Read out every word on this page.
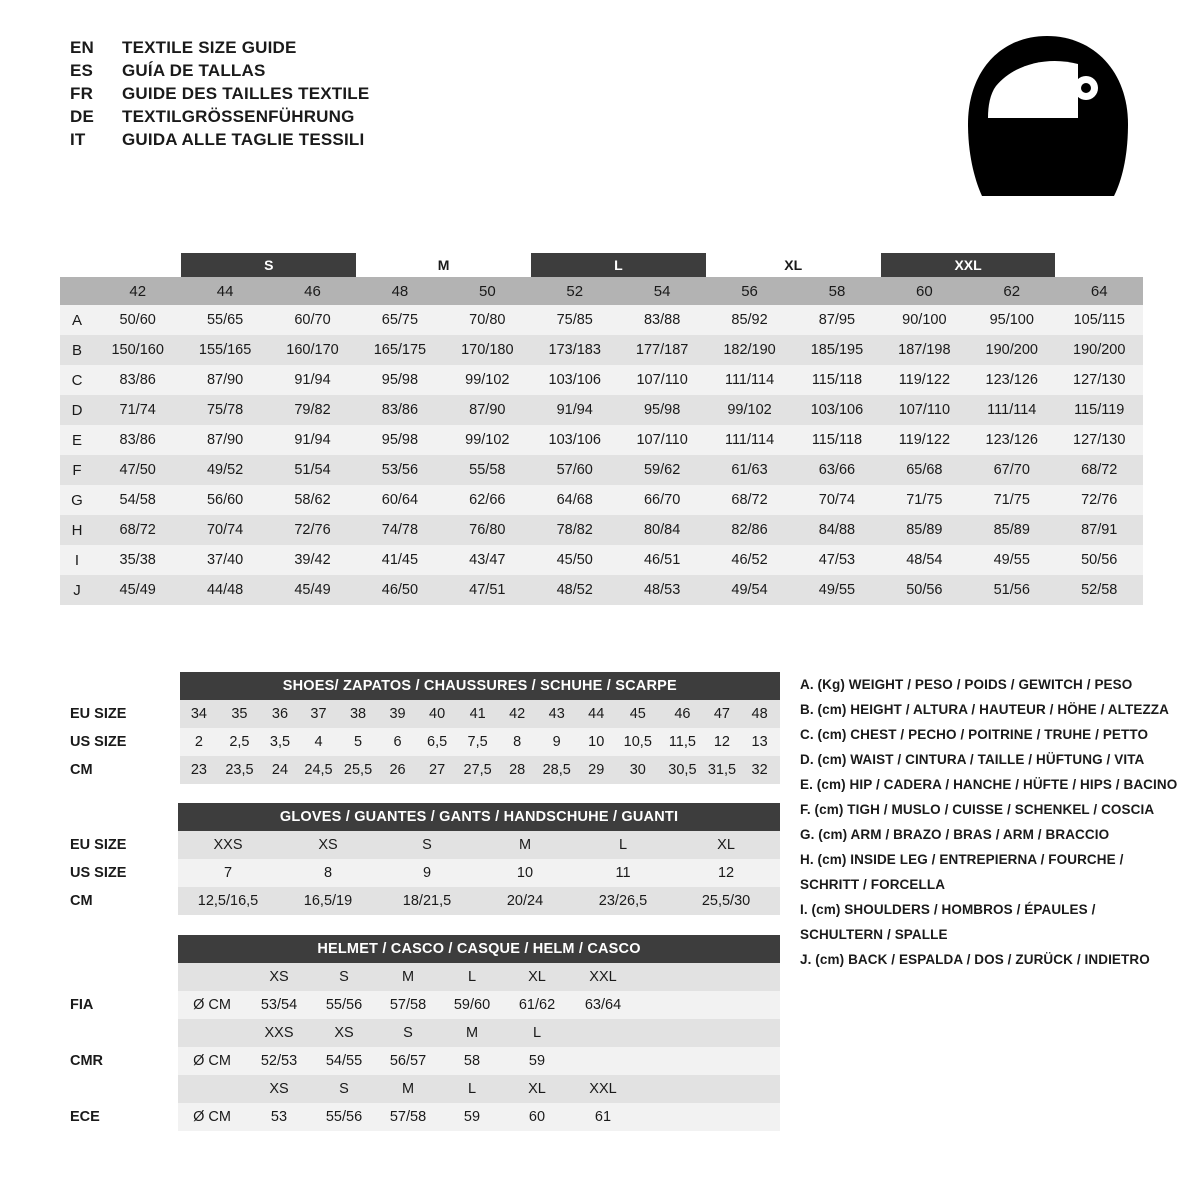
EN	TEXTILE SIZE GUIDE
ES	GUÍA DE TALLAS
FR	GUIDE DES TAILLES TEXTILE
DE	TEXTILGRÖSSENFÜHRUNG
IT	GUIDA ALLE TAGLIE TESSILI
		S		M		L		XL		XXL		
	42	44	46	48	50	52	54	56	58	60	62	64
A	50/60	55/65	60/70	65/75	70/80	75/85	83/88	85/92	87/95	90/100	95/100	105/115
B	150/160	155/165	160/170	165/175	170/180	173/183	177/187	182/190	185/195	187/198	190/200	190/200
C	83/86	87/90	91/94	95/98	99/102	103/106	107/110	111/114	115/118	119/122	123/126	127/130
D	71/74	75/78	79/82	83/86	87/90	91/94	95/98	99/102	103/106	107/110	111/114	115/119
E	83/86	87/90	91/94	95/98	99/102	103/106	107/110	111/114	115/118	119/122	123/126	127/130
F	47/50	49/52	51/54	53/56	55/58	57/60	59/62	61/63	63/66	65/68	67/70	68/72
G	54/58	56/60	58/62	60/64	62/66	64/68	66/70	68/72	70/74	71/75	71/75	72/76
H	68/72	70/74	72/76	74/78	76/80	78/82	80/84	82/86	84/88	85/89	85/89	87/91
I	35/38	37/40	39/42	41/45	43/47	45/50	46/51	46/52	47/53	48/54	49/55	50/56
J	45/49	44/48	45/49	46/50	47/51	48/52	48/53	49/54	49/55	50/56	51/56	52/58
	SHOES/ ZAPATOS / CHAUSSURES / SCHUHE / SCARPE														
EU SIZE	34	35	36	37	38	39	40	41	42	43	44	45	46	47	48
US SIZE	2	2,5	3,5	4	5	6	6,5	7,5	8	9	10	10,5	11,5	12	13
CM	23	23,5	24	24,5	25,5	26	27	27,5	28	28,5	29	30	30,5	31,5	32
	GLOVES / GUANTES / GANTS / HANDSCHUHE / GUANTI					
EU SIZE	XXS	XS	S	M	L	XL
US SIZE	7	8	9	10	11	12
CM	12,5/16,5	16,5/19	18/21,5	20/24	23/26,5	25,5/30
	HELMET / CASCO / CASQUE / HELM / CASCO							
		XS	S	M	L	XL	XXL	
FIA	Ø CM	53/54	55/56	57/58	59/60	61/62	63/64	
		XXS	XS	S	M	L		
CMR	Ø CM	52/53	54/55	56/57	58	59		
		XS	S	M	L	XL	XXL	
ECE	Ø CM	53	55/56	57/58	59	60	61	
A. (Kg) WEIGHT / PESO / POIDS / GEWITCH / PESO
B. (cm) HEIGHT / ALTURA / HAUTEUR / HÖHE / ALTEZZA
C. (cm) CHEST / PECHO / POITRINE / TRUHE / PETTO
D. (cm) WAIST / CINTURA / TAILLE / HÜFTUNG / VITA
E. (cm) HIP / CADERA / HANCHE / HÜFTE / HIPS / BACINO
F. (cm) TIGH / MUSLO / CUISSE / SCHENKEL / COSCIA
G. (cm) ARM / BRAZO / BRAS / ARM / BRACCIO
H. (cm) INSIDE LEG / ENTREPIERNA / FOURCHE /
SCHRITT / FORCELLA
I. (cm) SHOULDERS / HOMBROS / ÉPAULES /
SCHULTERN / SPALLE
J. (cm) BACK / ESPALDA / DOS / ZURÜCK / INDIETRO
